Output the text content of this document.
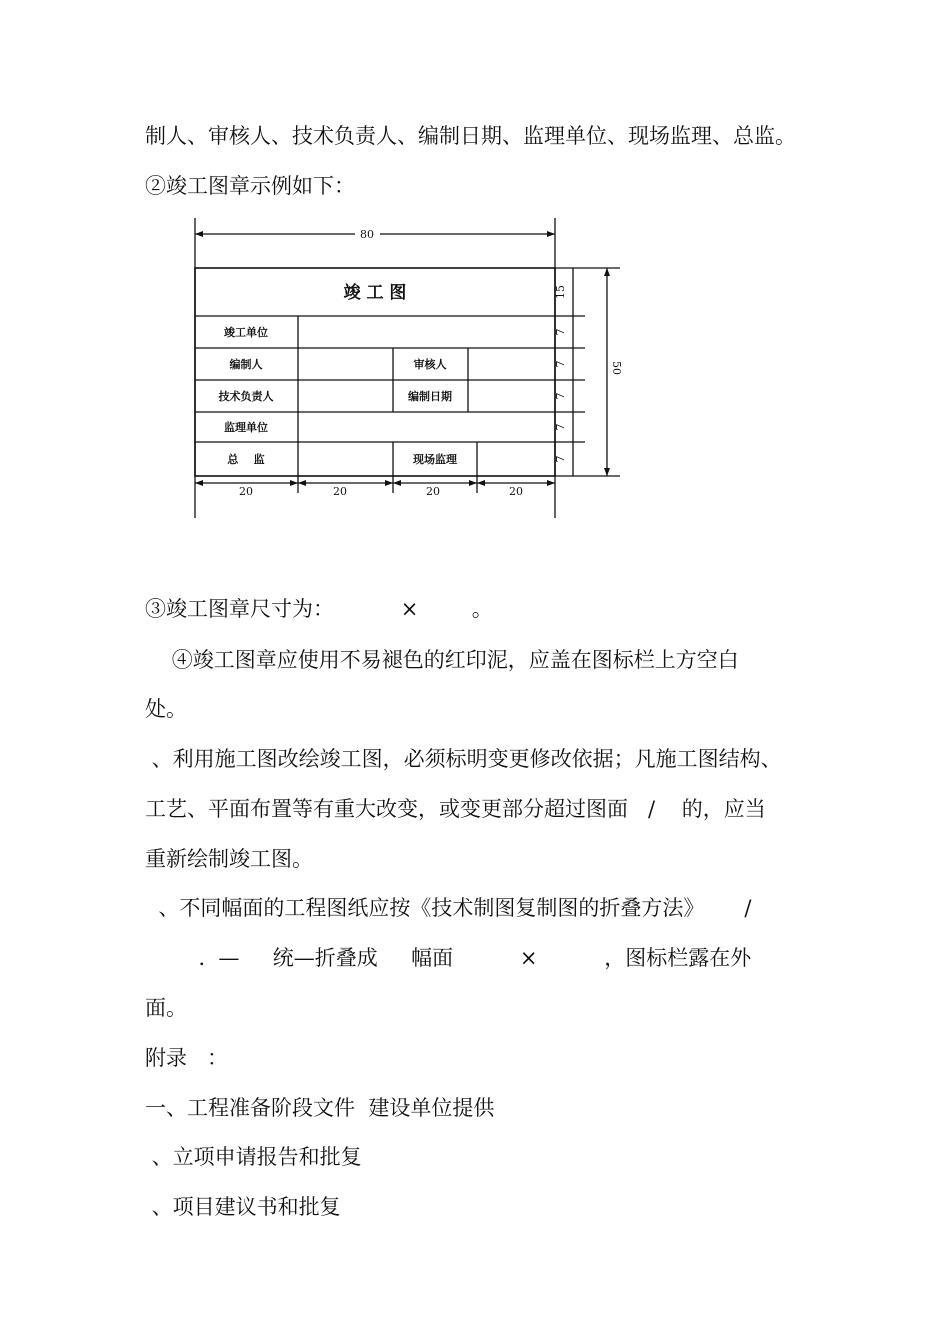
制人、审核人、技术负责人、编制日期、监理单位、现场监理、总监。
②竣工图章示例如下：
80
50
15
7
7
7
7
7
20	20	20	20
竣 工 图
竣工单位
编制人	审核人
技术负责人	编制日期
监理单位
总    监	现场监理
③竣工图章尺寸为：          ×        。
④竣工图章应使用不易褪色的红印泥，应盖在图标栏上方空白
处。
、利用施工图改绘竣工图，必须标明变更修改依据；凡施工图结构、
工艺、平面布置等有重大改变，或变更部分超过图面   /    的，应当
重新绘制竣工图。
、不同幅面的工程图纸应按《技术制图复制图的折叠方法》      /
.  —     统—折叠成     幅面          ×          ，图标栏露在外
面。
附录   ：
一、工程准备阶段文件  建设单位提供
、立项申请报告和批复
、项目建议书和批复
